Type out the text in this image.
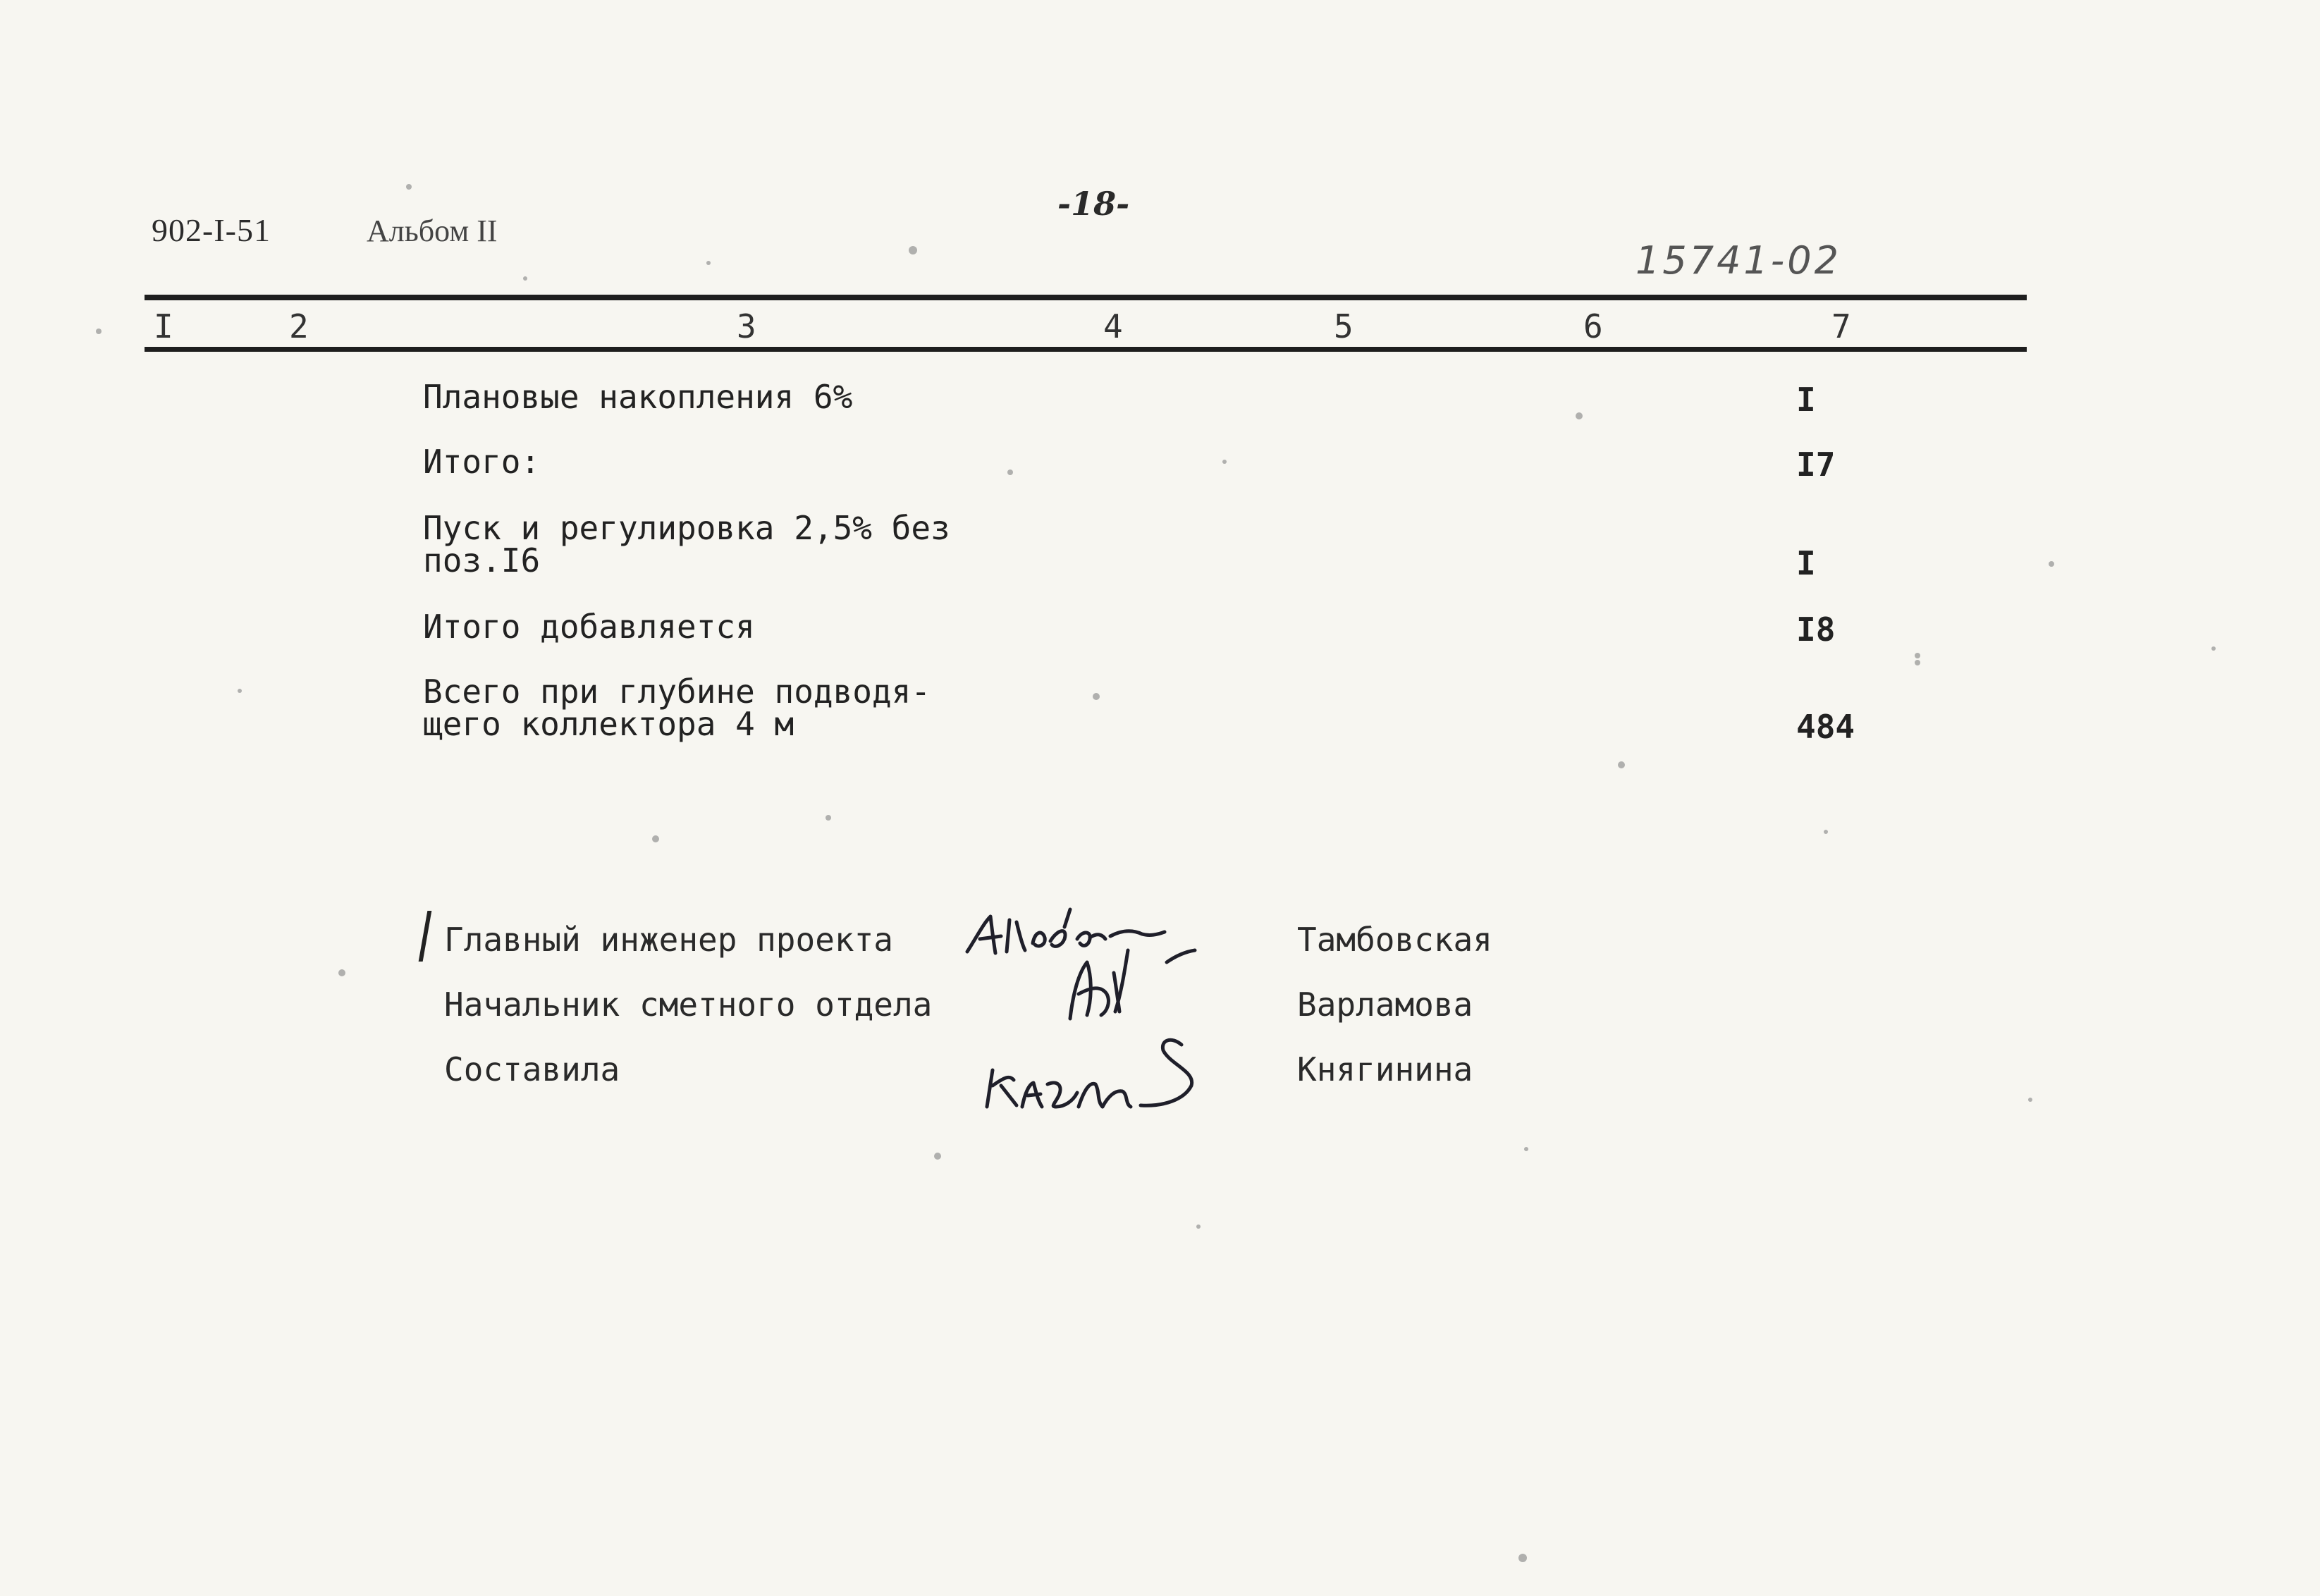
902-I-51	Альбом II
-18-
15741-02
I	2	3	4	5	6	7
Плановые накопления 6%	I
Итого:	I7
Пуск и регулировка 2,5% без
поз.I6	I
Итого добавляется	I8
Всего при глубине подводя-
щего коллектора 4 м	484
Главный инженер проекта	Тамбовская
Начальник сметного отдела	Варламова
Составила	Княгинина
